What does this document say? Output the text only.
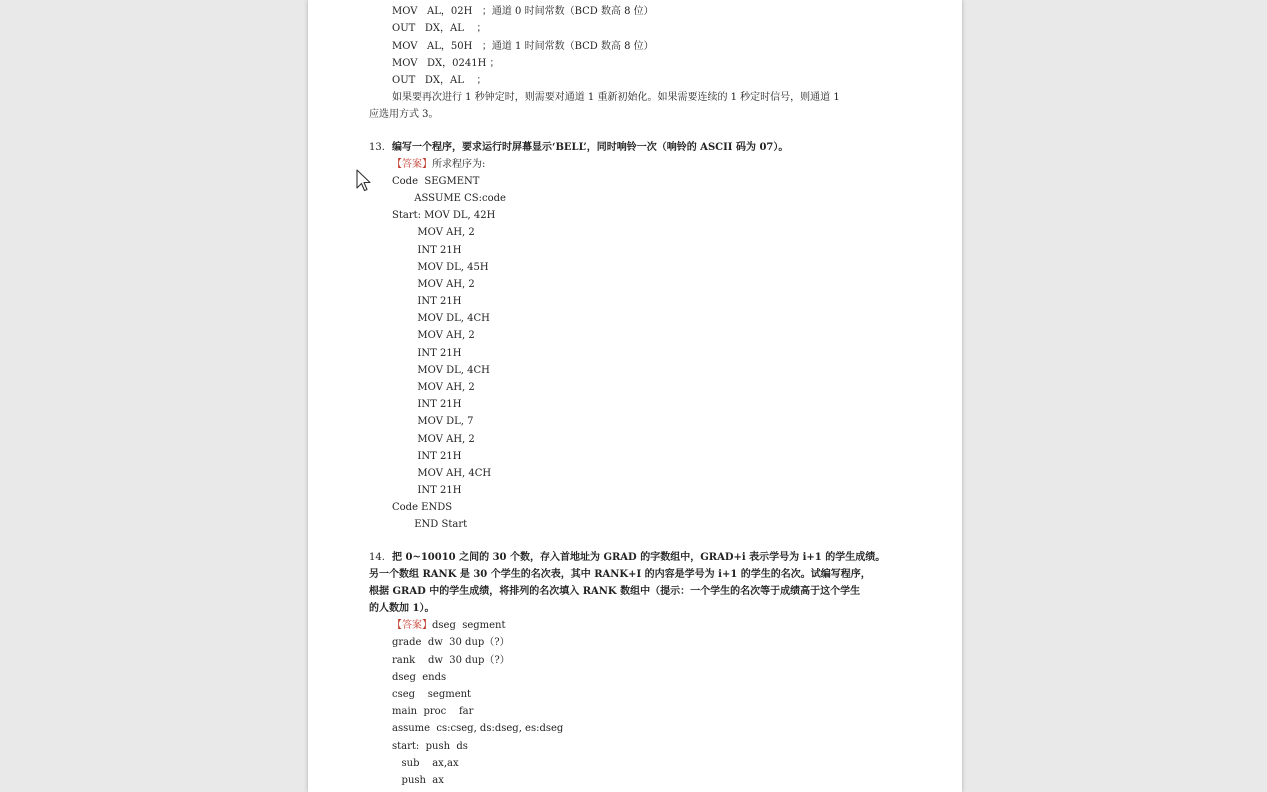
MOV   AL，02H   ；通道 0 时间常数（BCD 数高 8 位）
OUT   DX，AL    ；
MOV   AL，50H   ；通道 1 时间常数（BCD 数高 8 位）
MOV   DX，0241H ；
OUT   DX，AL    ；
如果要再次进行 1 秒钟定时，则需要对通道 1 重新初始化。如果需要连续的 1 秒定时信号，则通道 1
应选用方式 3。
13. 编写一个程序，要求运行时屏幕显示‘BELL’，同时响铃一次（响铃的 ASCII 码为 07）。
【答案】所求程序为:
Code  SEGMENT
ASSUME CS:code
Start: MOV DL, 42H
MOV AH, 2
INT 21H
MOV DL, 45H
MOV AH, 2
INT 21H
MOV DL, 4CH
MOV AH, 2
INT 21H
MOV DL, 4CH
MOV AH, 2
INT 21H
MOV DL, 7
MOV AH, 2
INT 21H
MOV AH, 4CH
INT 21H
Code ENDS
END Start
14. 把 0~10010 之间的 30 个数，存入首地址为 GRAD 的字数组中，GRAD+i 表示学号为 i+1 的学生成绩。
另一个数组 RANK 是 30 个学生的名次表，其中 RANK+I 的内容是学号为 i+1 的学生的名次。试编写程序，
根据 GRAD 中的学生成绩，将排列的名次填入 RANK 数组中（提示：一个学生的名次等于成绩高于这个学生
的人数加 1）。
【答案】dseg  segment
grade  dw  30 dup（?）
rank    dw  30 dup（?）
dseg  ends
cseg    segment
main  proc    far
assume  cs:cseg, ds:dseg, es:dseg
start:  push  ds
sub    ax,ax
push  ax
